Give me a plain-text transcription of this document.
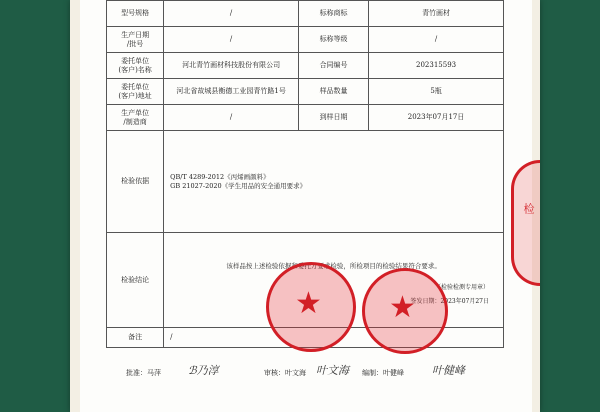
型号规格	/	标称商标	青竹画材
生产日期
/批号	/	标称等级	/
委托单位
(客户)名称	河北青竹画材科技股份有限公司	合同编号	202315593
委托单位
(客户)地址	河北省故城县衡德工业园青竹路1号	样品数量	5瓶
生产单位
/制造商	/	到样日期	2023年07月17日
检验依据	QB/T 4289-2012《丙烯画颜料》
GB 21027-2020《学生用品的安全通用要求》		

检验结论	该样品按上述检验依据和委托方要求检验，所检项目的检验结果符合要求。
（检验检测专用章）
签发日期：2023年07月27日		

备注	/		
★ ★
批准：马萍 ℬ乃淳	审核：叶文海 叶文海 编制：叶健峰	叶健峰
检
